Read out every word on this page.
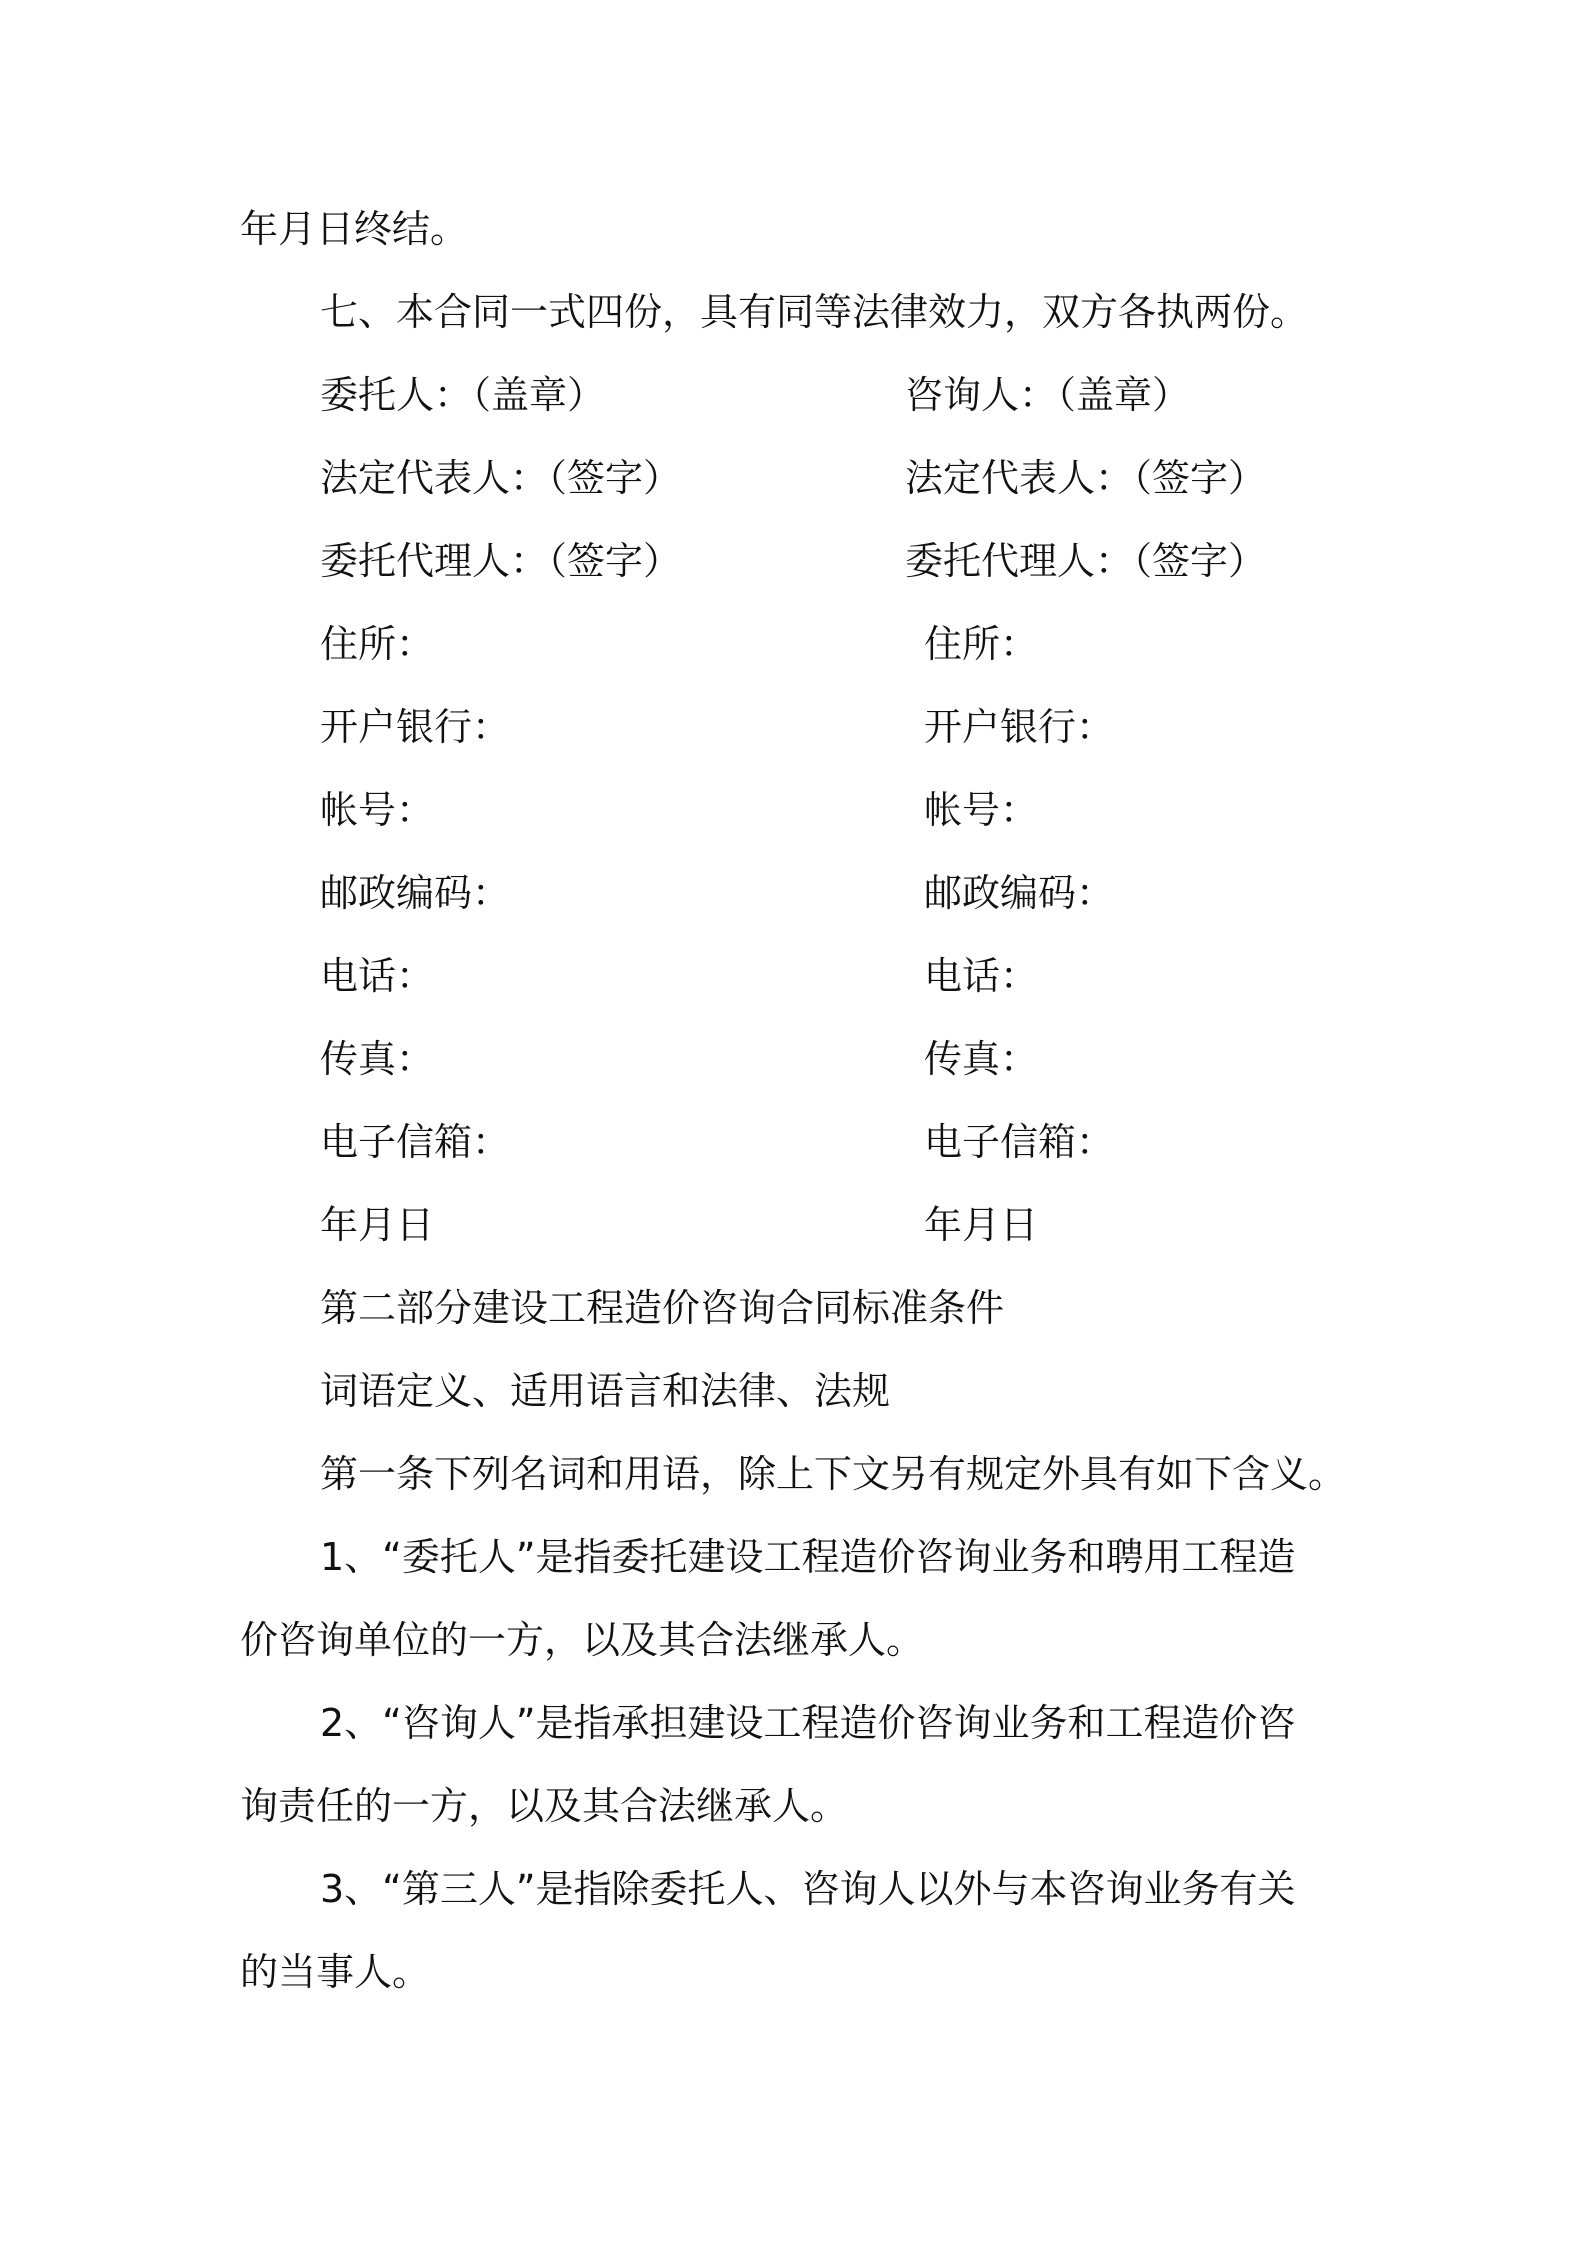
年月日终结。
七、本合同一式四份，具有同等法律效力，双方各执两份。
委托人：（盖章）	咨询人：（盖章）
法定代表人：（签字）	法定代表人：（签字）
委托代理人：（签字）	委托代理人：（签字）
住所：	住所：
开户银行：	开户银行：
帐号：	帐号：
邮政编码：	邮政编码：
电话：	电话：
传真：	传真：
电子信箱：	电子信箱：
年月日	年月日
第二部分建设工程造价咨询合同标准条件
词语定义、适用语言和法律、法规
第一条下列名词和用语，除上下文另有规定外具有如下含义。
1、“委托人”是指委托建设工程造价咨询业务和聘用工程造
价咨询单位的一方，以及其合法继承人。
2、“咨询人”是指承担建设工程造价咨询业务和工程造价咨
询责任的一方，以及其合法继承人。
3、“第三人”是指除委托人、咨询人以外与本咨询业务有关
的当事人。
